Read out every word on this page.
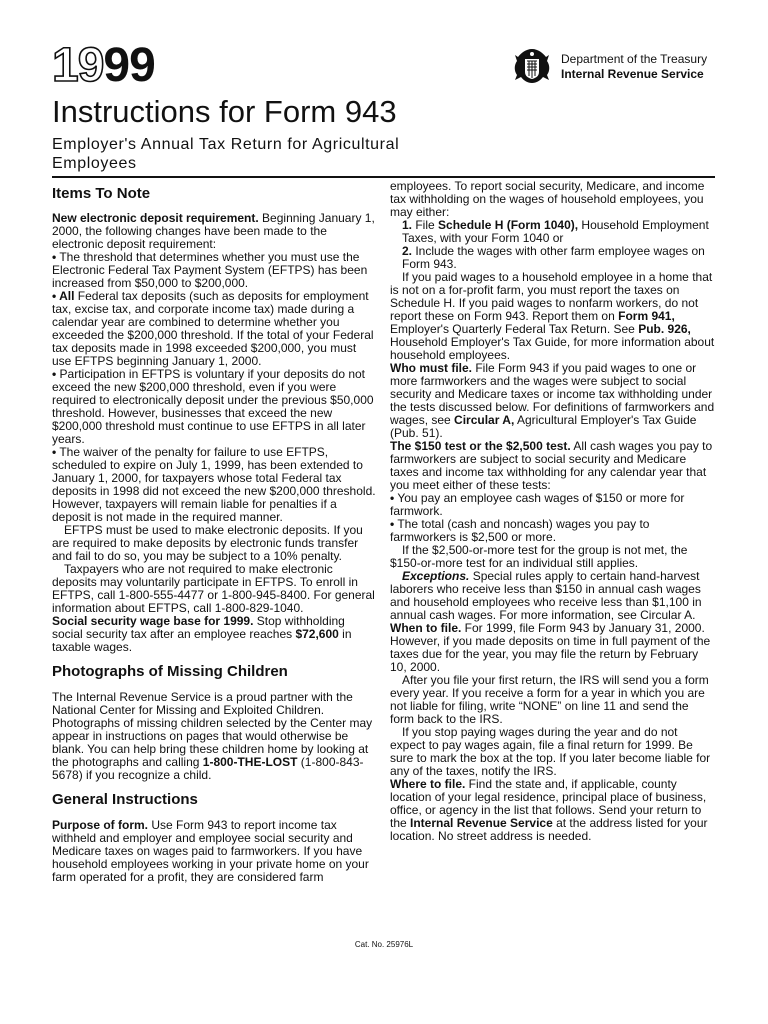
1999	Department of the Treasury
Internal Revenue Service
Instructions for Form 943
Employer's Annual Tax Return for Agricultural Employees
Items To Note

New electronic deposit requirement. Beginning January 1, 2000, the following changes have been made to the electronic deposit requirement:

• The threshold that determines whether you must use the Electronic Federal Tax Payment System (EFTPS) has been increased from $50,000 to $200,000.

• All Federal tax deposits (such as deposits for employment tax, excise tax, and corporate income tax) made during a calendar year are combined to determine whether you exceeded the $200,000 threshold. If the total of your Federal tax deposits made in 1998 exceeded $200,000, you must use EFTPS beginning January 1, 2000.

• Participation in EFTPS is voluntary if your deposits do not exceed the new $200,000 threshold, even if you were required to electronically deposit under the previous $50,000 threshold. However, businesses that exceed the new $200,000 threshold must continue to use EFTPS in all later years.

• The waiver of the penalty for failure to use EFTPS, scheduled to expire on July 1, 1999, has been extended to January 1, 2000, for taxpayers whose total Federal tax deposits in 1998 did not exceed the new $200,000 threshold. However, taxpayers will remain liable for penalties if a deposit is not made in the required manner.

EFTPS must be used to make electronic deposits. If you are required to make deposits by electronic funds transfer and fail to do so, you may be subject to a 10% penalty.

Taxpayers who are not required to make electronic deposits may voluntarily participate in EFTPS. To enroll in EFTPS, call 1-800-555-4477 or 1-800-945-8400. For general information about EFTPS, call 1-800-829-1040.

Social security wage base for 1999. Stop withholding social security tax after an employee reaches $72,600 in taxable wages.

Photographs of Missing Children

The Internal Revenue Service is a proud partner with the National Center for Missing and Exploited Children. Photographs of missing children selected by the Center may appear in instructions on pages that would otherwise be blank. You can help bring these children home by looking at the photographs and calling 1-800-THE-LOST (1-800-843-5678) if you recognize a child.

General Instructions

Purpose of form. Use Form 943 to report income tax withheld and employer and employee social security and Medicare taxes on wages paid to farmworkers. If you have household employees working in your private home on your farm operated for a profit, they are considered farm

employees. To report social security, Medicare, and income tax withholding on the wages of household employees, you may either:

1. File Schedule H (Form 1040), Household Employment Taxes, with your Form 1040 or

2. Include the wages with other farm employee wages on Form 943.

If you paid wages to a household employee in a home that is not on a for-profit farm, you must report the taxes on Schedule H. If you paid wages to nonfarm workers, do not report these on Form 943. Report them on Form 941, Employer's Quarterly Federal Tax Return. See Pub. 926, Household Employer's Tax Guide, for more information about household employees.

Who must file. File Form 943 if you paid wages to one or more farmworkers and the wages were subject to social security and Medicare taxes or income tax withholding under the tests discussed below. For definitions of farmworkers and wages, see Circular A, Agricultural Employer's Tax Guide (Pub. 51).

The $150 test or the $2,500 test. All cash wages you pay to farmworkers are subject to social security and Medicare taxes and income tax withholding for any calendar year that you meet either of these tests:

• You pay an employee cash wages of $150 or more for farmwork.

• The total (cash and noncash) wages you pay to farmworkers is $2,500 or more.

If the $2,500-or-more test for the group is not met, the $150-or-more test for an individual still applies.

Exceptions. Special rules apply to certain hand-harvest laborers who receive less than $150 in annual cash wages and household employees who receive less than $1,100 in annual cash wages. For more information, see Circular A.

When to file. For 1999, file Form 943 by January 31, 2000. However, if you made deposits on time in full payment of the taxes due for the year, you may file the return by February 10, 2000.

After you file your first return, the IRS will send you a form every year. If you receive a form for a year in which you are not liable for filing, write “NONE” on line 11 and send the form back to the IRS.

If you stop paying wages during the year and do not expect to pay wages again, file a final return for 1999. Be sure to mark the box at the top. If you later become liable for any of the taxes, notify the IRS.

Where to file. Find the state and, if applicable, county location of your legal residence, principal place of business, office, or agency in the list that follows. Send your return to the Internal Revenue Service at the address listed for your location. No street address is needed.

Cat. No. 25976L
